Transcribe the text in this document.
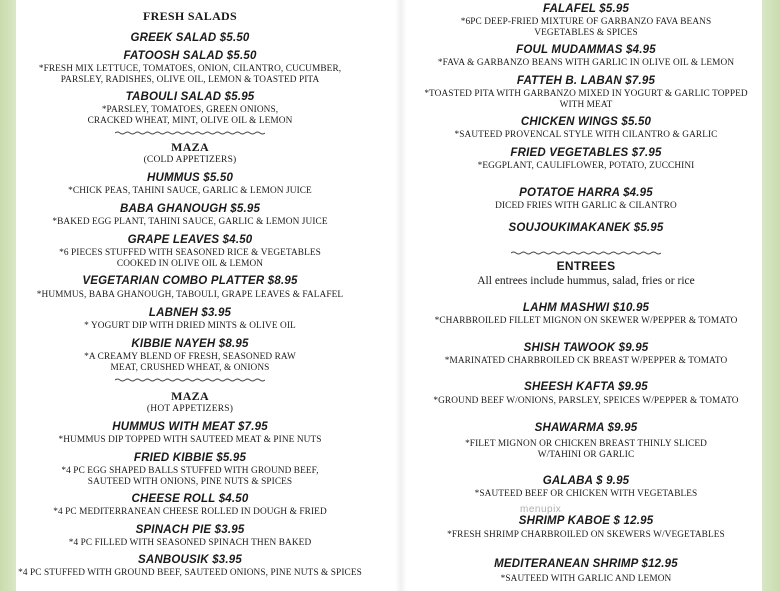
FRESH SALADS
GREEK SALAD $5.50
FATOOSH SALAD $5.50
*FRESH MIX LETTUCE, TOMATOES, ONION, CILANTRO, CUCUMBER,
PARSLEY, RADISHES, OLIVE OIL, LEMON & TOASTED PITA
TABOULI SALAD $5.95
*PARSLEY, TOMATOES, GREEN ONIONS,
CRACKED WHEAT, MINT, OLIVE OIL & LEMON
MAZA
(COLD APPETIZERS)
HUMMUS $5.50
*CHICK PEAS, TAHINI SAUCE, GARLIC & LEMON JUICE
BABA GHANOUGH $5.95
*BAKED EGG PLANT, TAHINI SAUCE, GARLIC & LEMON JUICE
GRAPE LEAVES $4.50
*6 PIECES STUFFED WITH SEASONED RICE & VEGETABLES
COOKED IN OLIVE OIL & LEMON
VEGETARIAN COMBO PLATTER $8.95
*HUMMUS, BABA GHANOUGH, TABOULI, GRAPE LEAVES & FALAFEL
LABNEH $3.95
* YOGURT DIP WITH DRIED MINTS & OLIVE OIL
KIBBIE NAYEH $8.95
*A CREAMY BLEND OF FRESH, SEASONED RAW
MEAT, CRUSHED WHEAT, & ONIONS
MAZA
(HOT APPETIZERS)
HUMMUS WITH MEAT $7.95
*HUMMUS DIP TOPPED WITH SAUTEED MEAT & PINE NUTS
FRIED KIBBIE $5.95
*4 PC EGG SHAPED BALLS STUFFED WITH GROUND BEEF,
SAUTEED WITH ONIONS, PINE NUTS & SPICES
CHEESE ROLL $4.50
*4 PC MEDITERRANEAN CHEESE ROLLED IN DOUGH & FRIED
SPINACH PIE $3.95
*4 PC FILLED WITH SEASONED SPINACH THEN BAKED
SANBOUSIK $3.95
*4 PC STUFFED WITH GROUND BEEF, SAUTEED ONIONS, PINE NUTS & SPICES
FALAFEL $5.95
*6PC DEEP-FRIED MIXTURE OF GARBANZO FAVA BEANS
VEGETABLES & SPICES
FOUL MUDAMMAS $4.95
*FAVA & GARBANZO BEANS WITH GARLIC IN OLIVE OIL & LEMON
FATTEH B. LABAN $7.95
*TOASTED PITA WITH GARBANZO MIXED IN YOGURT & GARLIC TOPPED
WITH MEAT
CHICKEN WINGS $5.50
*SAUTEED PROVENCAL STYLE WITH CILANTRO & GARLIC
FRIED VEGETABLES $7.95
*EGGPLANT, CAULIFLOWER, POTATO, ZUCCHINI
POTATOE HARRA $4.95
DICED FRIES WITH GARLIC & CILANTRO
SOUJOUKIMAKANEK $5.95
ENTREES
All entrees include hummus, salad, fries or rice
LAHM MASHWI $10.95
*CHARBROILED FILLET MIGNON ON SKEWER W/PEPPER & TOMATO
SHISH TAWOOK $9.95
*MARINATED CHARBROILED CK BREAST W/PEPPER & TOMATO
SHEESH KAFTA $9.95
*GROUND BEEF W/ONIONS, PARSLEY, SPEICES W/PEPPER & TOMATO
SHAWARMA $9.95
*FILET MIGNON OR CHICKEN BREAST THINLY SLICED
W/TAHINI OR GARLIC
GALABA $ 9.95
*SAUTEED BEEF OR CHICKEN WITH VEGETABLES
SHRIMP KABOE $ 12.95
*FRESH SHRIMP CHARBROILED ON SKEWERS W/VEGETABLES
MEDITERANEAN SHRIMP $12.95
*SAUTEED WITH GARLIC AND LEMON
menupix
